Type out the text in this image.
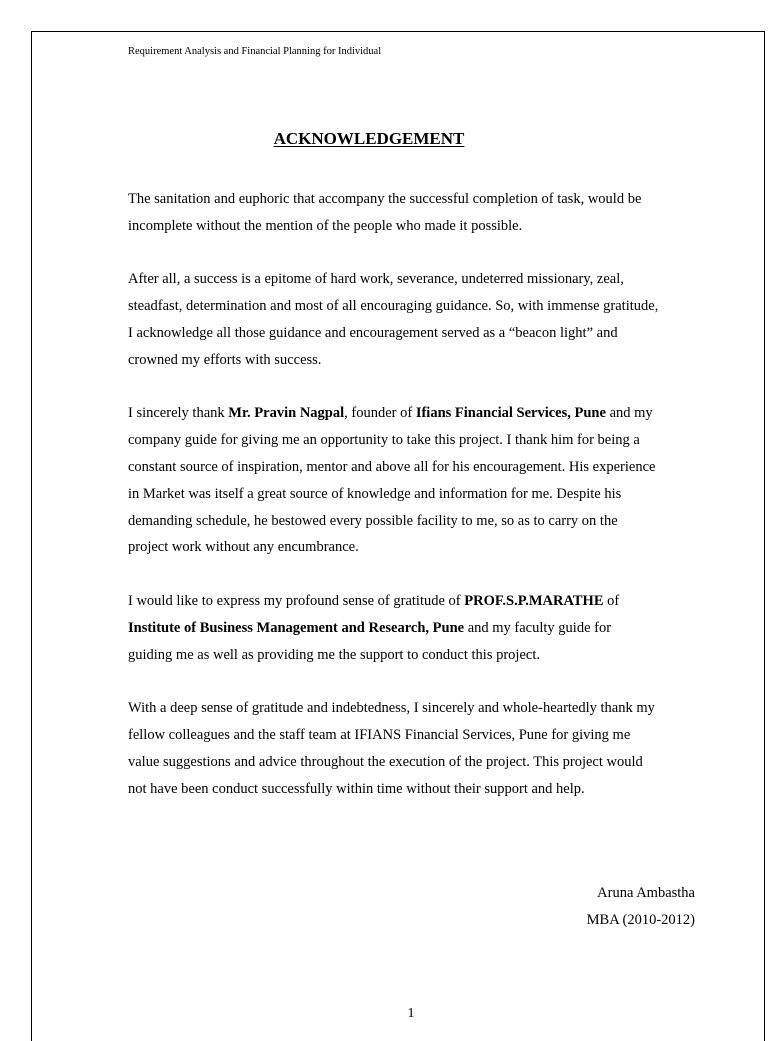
Requirement Analysis and Financial Planning for Individual
ACKNOWLEDGEMENT
The sanitation and euphoric that accompany the successful completion of task, would be
incomplete without the mention of the people who made it possible.
After all, a success is a epitome of hard work, severance, undeterred missionary, zeal,
steadfast, determination and most of all encouraging guidance. So, with immense gratitude,
I acknowledge all those guidance and encouragement served as a “beacon light” and
crowned my efforts with success.
I sincerely thank Mr. Pravin Nagpal, founder of Ifians Financial Services, Pune and my
company guide for giving me an opportunity to take this project. I thank him for being a
constant source of inspiration, mentor and above all for his encouragement. His experience
in Market was itself a great source of knowledge and information for me. Despite his
demanding schedule, he bestowed every possible facility to me, so as to carry on the
project work without any encumbrance.
I would like to express my profound sense of gratitude of PROF.S.P.MARATHE of
Institute of Business Management and Research, Pune and my faculty guide for
guiding me as well as providing me the support to conduct this project.
With a deep sense of gratitude and indebtedness, I sincerely and whole-heartedly thank my
fellow colleagues and the staff team at IFIANS Financial Services, Pune for giving me
value suggestions and advice throughout the execution of the project. This project would
not have been conduct successfully within time without their support and help.
Aruna Ambastha
MBA (2010-2012)
1
